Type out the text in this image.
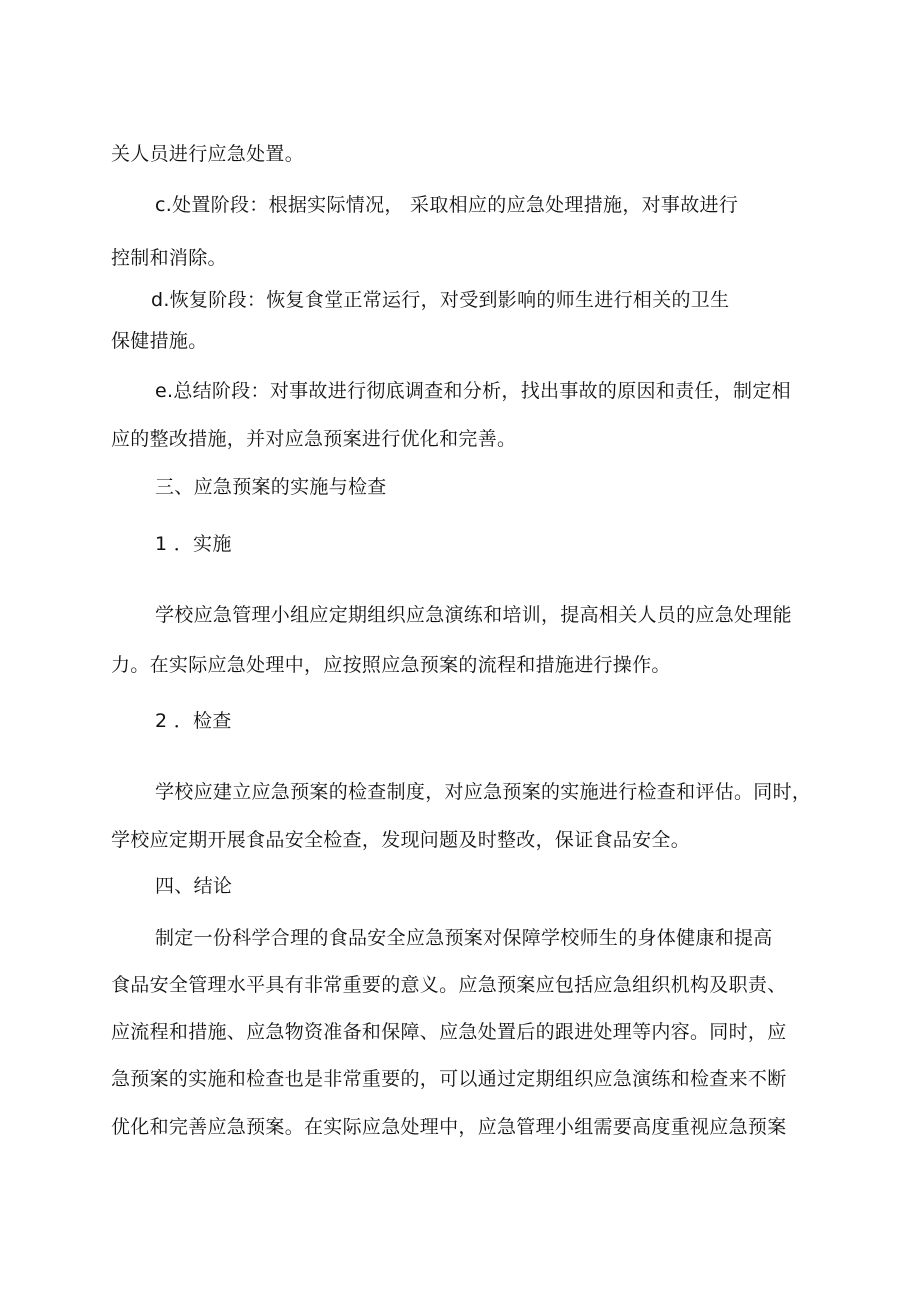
关人员进行应急处置。

c.处置阶段：根据实际情况， 采取相应的应急处理措施，对事故进行

控制和消除。

d.恢复阶段：恢复食堂正常运行，对受到影响的师生进行相关的卫生

保健措施。

e.总结阶段：对事故进行彻底调查和分析，找出事故的原因和责任，制定相

应的整改措施，并对应急预案进行优化和完善。

三、应急预案的实施与检查

1 ．实施

学校应急管理小组应定期组织应急演练和培训，提高相关人员的应急处理能

力。在实际应急处理中，应按照应急预案的流程和措施进行操作。

2 ．检查

学校应建立应急预案的检查制度，对应急预案的实施进行检查和评估。同时，

学校应定期开展食品安全检查，发现问题及时整改，保证食品安全。

四、结论

制定一份科学合理的食品安全应急预案对保障学校师生的身体健康和提高

食品安全管理水平具有非常重要的意义。应急预案应包括应急组织机构及职责、

应流程和措施、应急物资准备和保障、应急处置后的跟进处理等内容。同时，应

急预案的实施和检查也是非常重要的，可以通过定期组织应急演练和检查来不断

优化和完善应急预案。在实际应急处理中，应急管理小组需要高度重视应急预案
